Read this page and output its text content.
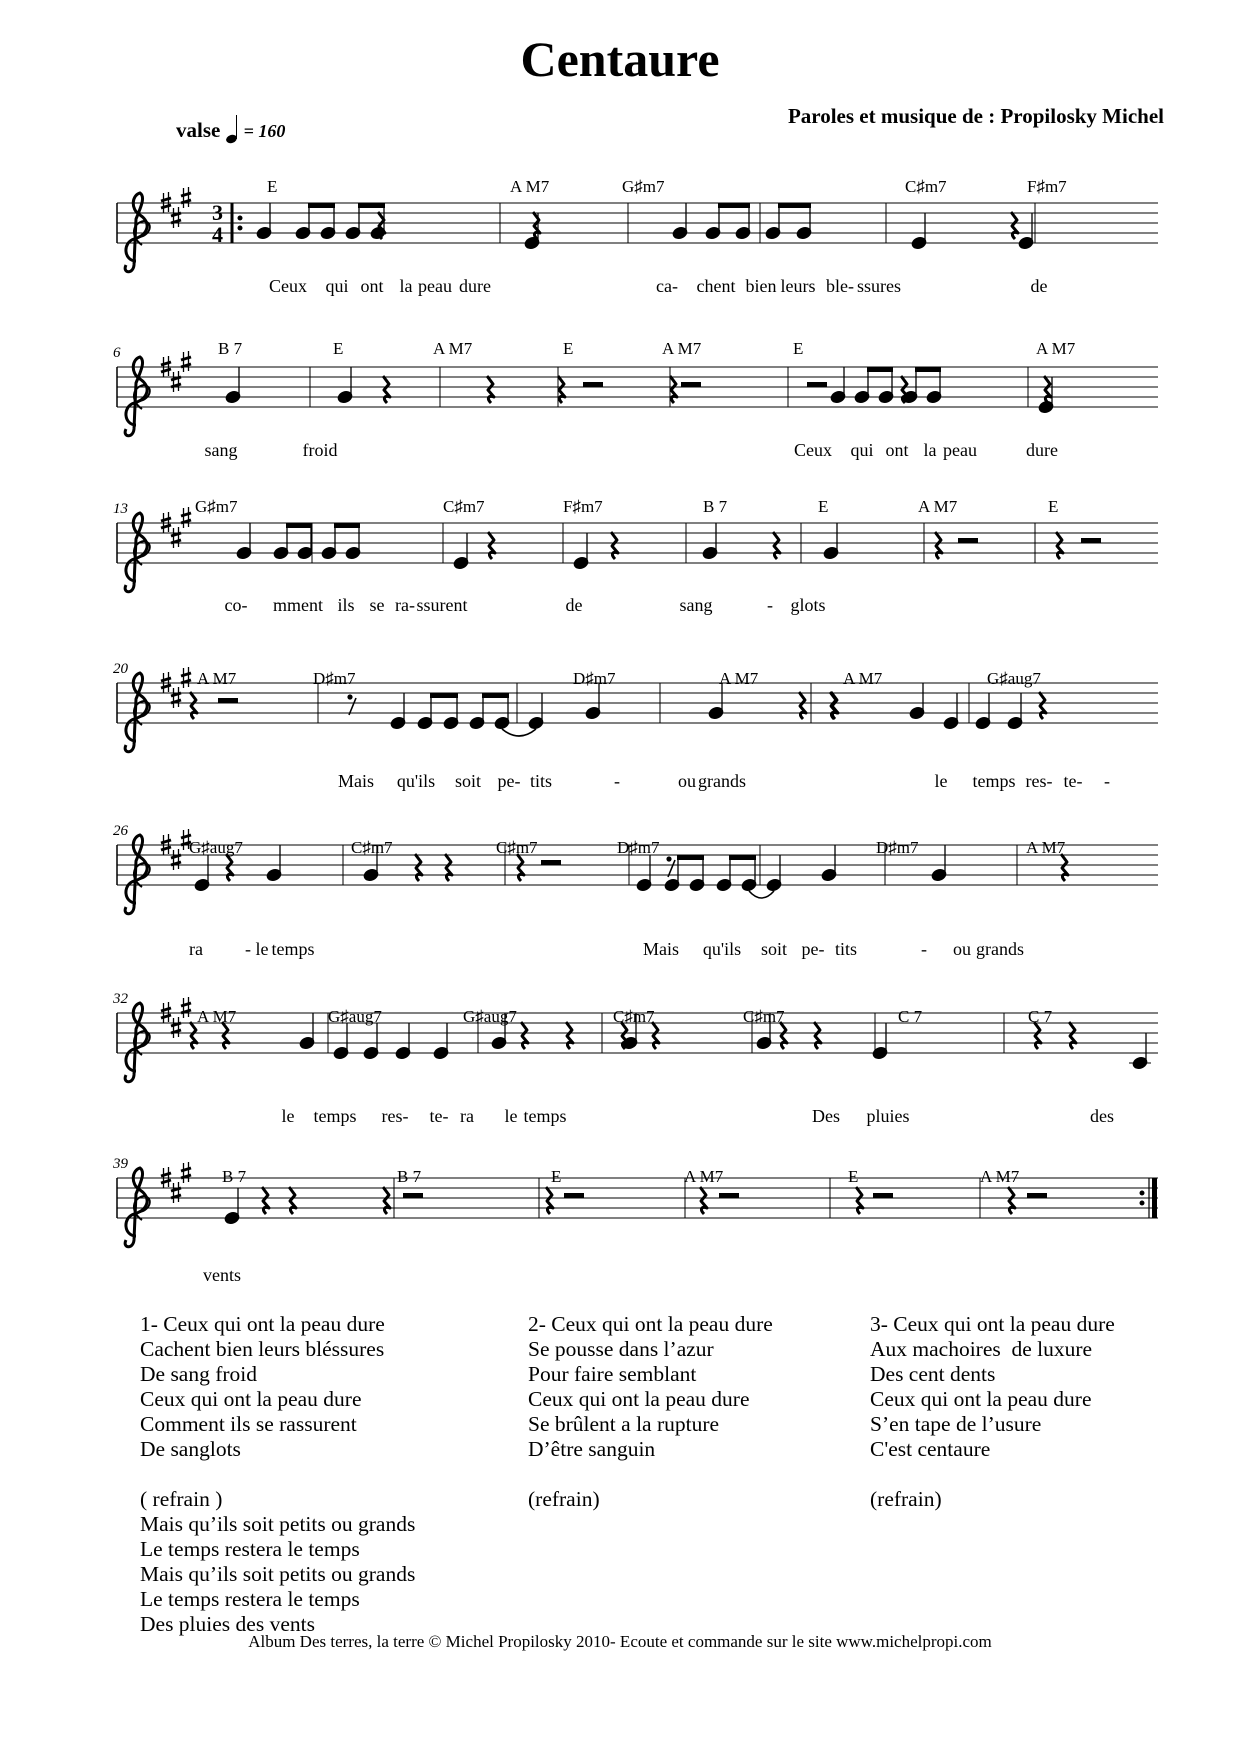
Centaure
valse = 160
Paroles et musique de : Propilosky Michel
3
4
E	A M7	G♯m7	C♯m7	F♯m7
Ceux qui ont la peau dure	ca- chent bien leurs ble- ssures	de
6	B 7	E	A M7	E	A M7	E	A M7
sang	froid	Ceux qui ont la peau	dure
13	G♯m7	C♯m7	F♯m7	B 7	E	A M7	E
co- mment ils se ra- ssurent	de	sang	- glots
20	A M7	D♯m7	D♯m7	A M7	A M7	G♯aug7
Mais qu'ils soit pe- tits	-	ou grands	le temps res- te- -
26
G♯aug7	C♯m7	C♯m7	D♯m7	D♯m7	A M7
ra - le temps	Mais qu'ils soit pe- tits	- ou grands
32
A M7	G♯aug7	G♯aug7	C♯m7	C♯m7	C 7	C 7
le temps res- te- ra le temps	Des pluies	des
39
B 7	B 7	E	A M7	E	A M7
vents
1- Ceux qui ont la peau dure
Cachent bien leurs bléssures
De sang froid
Ceux qui ont la peau dure
Comment ils se rassurent
De sanglots
( refrain )
Mais qu’ils soit petits ou grands
Le temps restera le temps
Mais qu’ils soit petits ou grands
Le temps restera le temps
Des pluies des vents
2- Ceux qui ont la peau dure
Se pousse dans l’azur
Pour faire semblant
Ceux qui ont la peau dure
Se brûlent a la rupture
D’être sanguin
(refrain)
3- Ceux qui ont la peau dure
Aux machoires  de luxure
Des cent dents
Ceux qui ont la peau dure
S’en tape de l’usure
C'est centaure
(refrain)
Album Des terres, la terre © Michel Propilosky 2010- Ecoute et commande sur le site www.michelpropi.com
